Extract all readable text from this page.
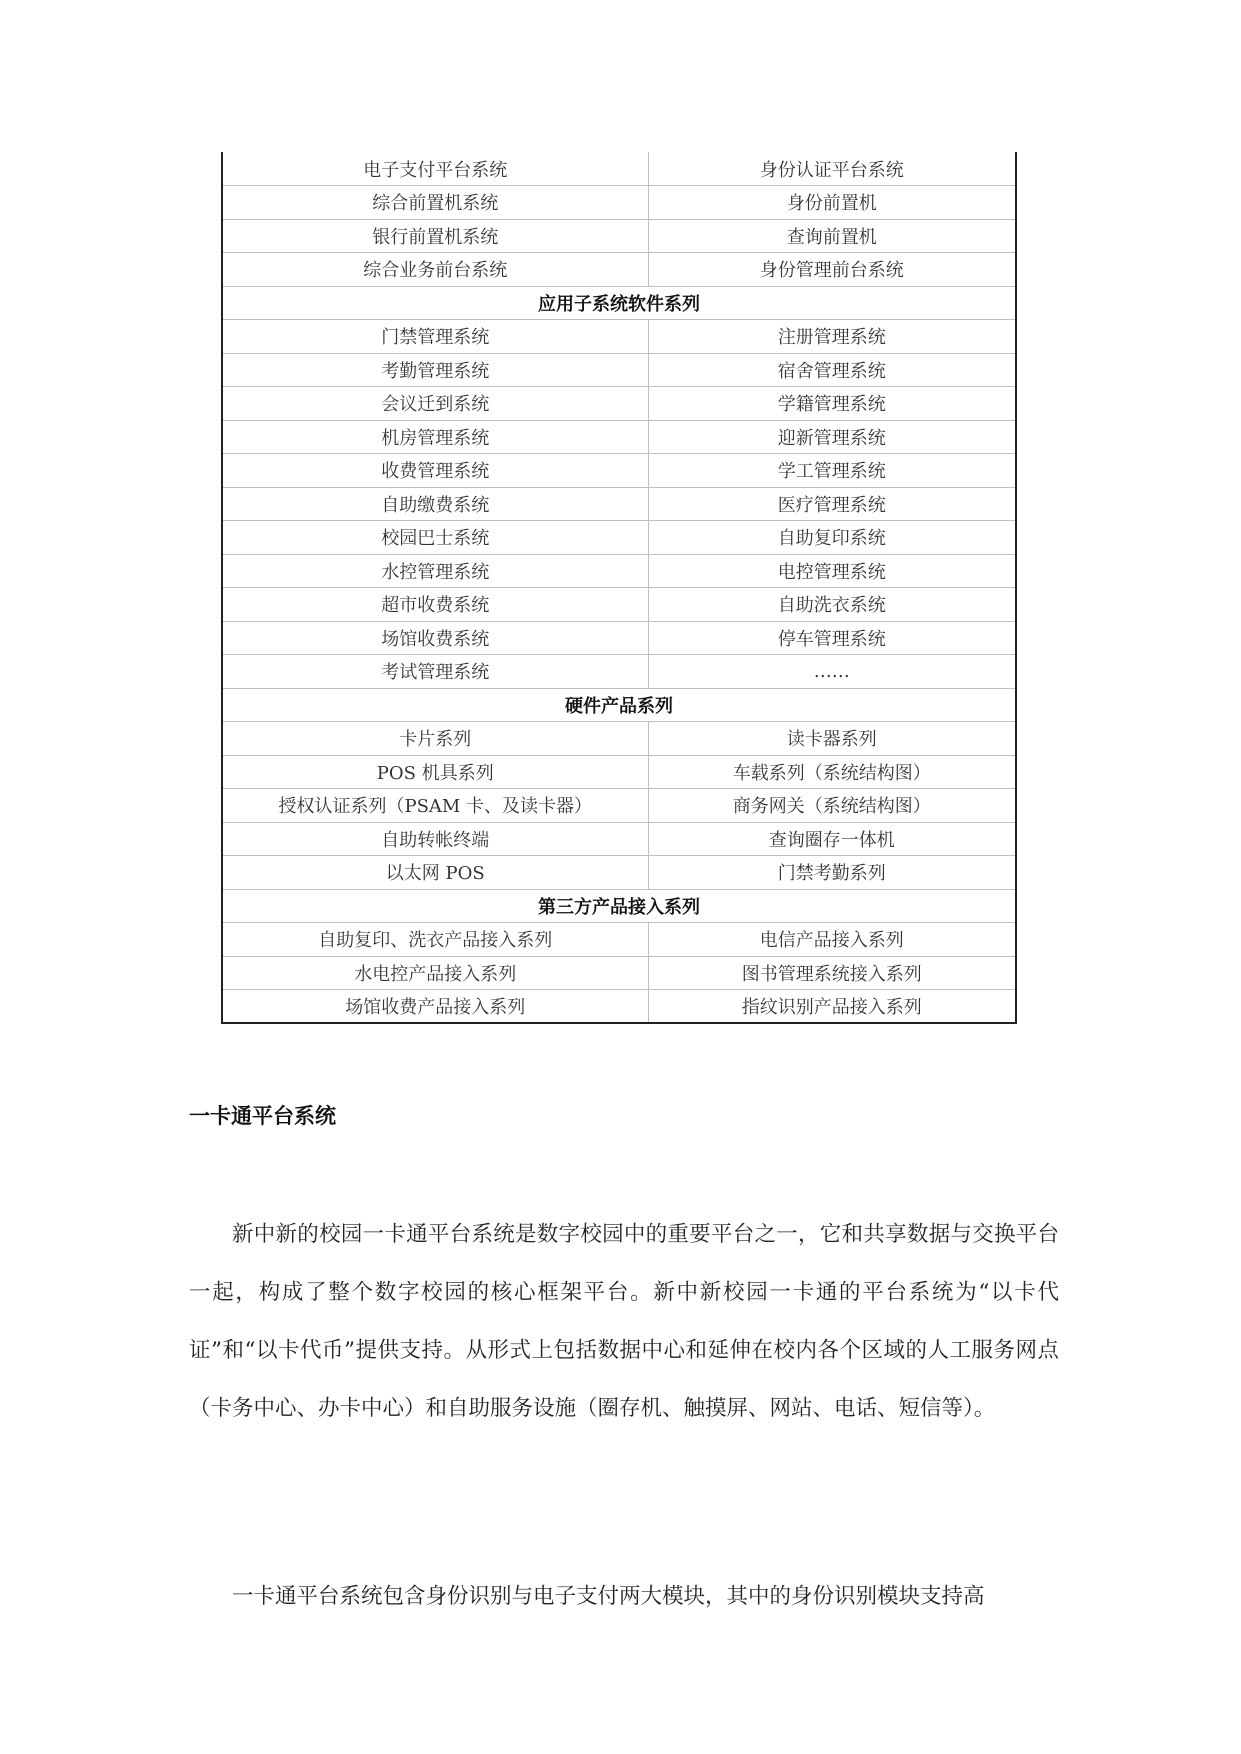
电子支付平台系统	身份认证平台系统
综合前置机系统	身份前置机
银行前置机系统	查询前置机
综合业务前台系统	身份管理前台系统
应用子系统软件系列	
门禁管理系统	注册管理系统
考勤管理系统	宿舍管理系统
会议迁到系统	学籍管理系统
机房管理系统	迎新管理系统
收费管理系统	学工管理系统
自助缴费系统	医疗管理系统
校园巴士系统	自助复印系统
水控管理系统	电控管理系统
超市收费系统	自助洗衣系统
场馆收费系统	停车管理系统
考试管理系统	……
硬件产品系列	
卡片系列	读卡器系列
POS 机具系列	车载系列（系统结构图）
授权认证系列（PSAM 卡、及读卡器）	商务网关（系统结构图）
自助转帐终端	查询圈存一体机
以太网 POS	门禁考勤系列
第三方产品接入系列	
自助复印、洗衣产品接入系列	电信产品接入系列
水电控产品接入系列	图书管理系统接入系列
场馆收费产品接入系列	指纹识别产品接入系列
一卡通平台系统

新中新的校园一卡通平台系统是数字校园中的重要平台之一，它和共享数据与交换平台一起，构成了整个数字校园的核心框架平台。新中新校园一卡通的平台系统为“以卡代证”和“以卡代币”提供支持。从形式上包括数据中心和延伸在校内各个区域的人工服务网点（卡务中心、办卡中心）和自助服务设施（圈存机、触摸屏、网站、电话、短信等）。

一卡通平台系统包含身份识别与电子支付两大模块，其中的身份识别模块支持高
